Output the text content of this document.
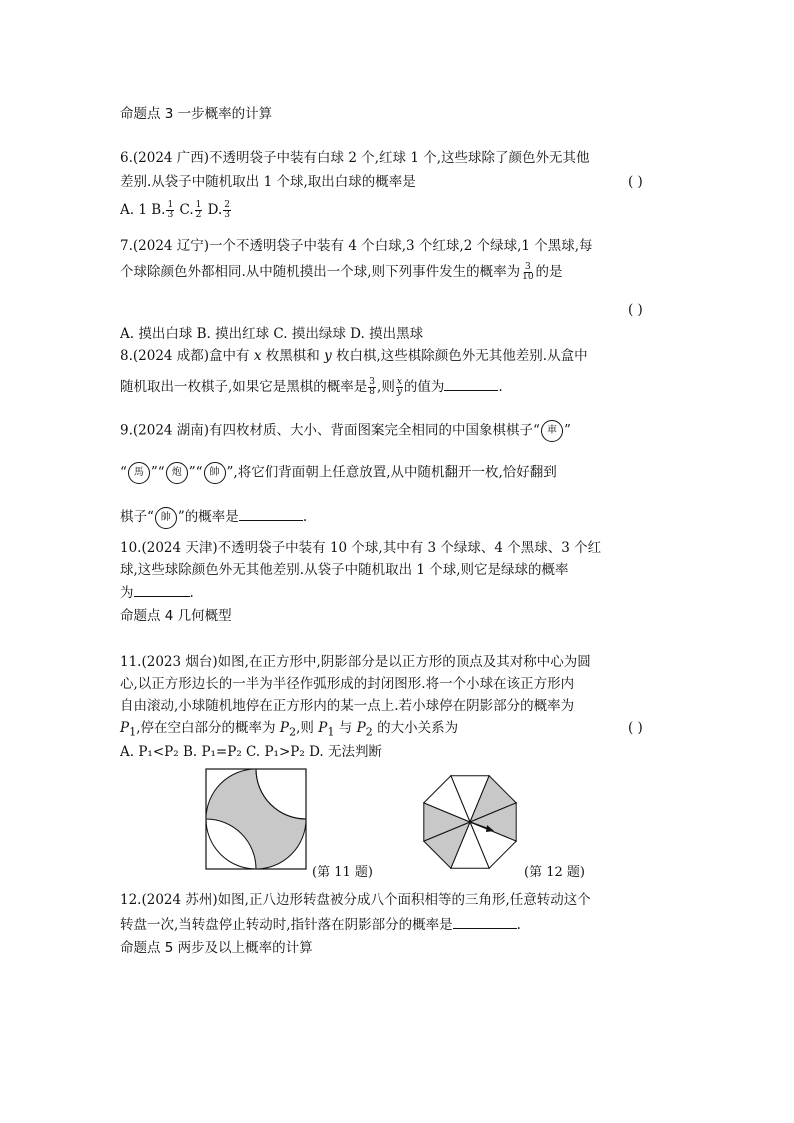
命题点 3 一步概率的计算
6.(2024 广西)不透明袋子中装有白球 2 个,红球 1 个,这些球除了颜色外无其他
差别.从袋子中随机取出 1 个球,取出白球的概率是	( )
A. 1 B. $\frac{1}{3} C$. $\frac{1}{2} D$. $\frac{2}{3}$
7.(2024 辽宁)一个不透明袋子中装有 4 个白球,3 个红球,2 个绿球,1 个黑球,每
个球除颜色外都相同.从中随机摸出一个球,则下列事件发生的概率为 $\frac{3}{10}$ 的是
( )
A. 摸出白球 B. 摸出红球 C. 摸出绿球 D. 摸出黑球
8.(2024 成都)盒中有 x 枚黑棋和 y 枚白棋,这些棋除颜色外无其他差别.从盒中
随机取出一枚棋子,如果它是黑棋的概率是 $\frac{3}{8}$ ,则 $\frac{x}{y}$ 的值为	.
9.(2024 湖南)有四枚材质、大小、背面图案完全相同的中国象棋棋子“ 車 ”
“ 馬 ”“ 炮 ”“ 帥 ”,将它们背面朝上任意放置,从中随机翻开一枚,恰好翻到
棋子“ 帥 ”的概率是	.
10.(2024 天津)不透明袋子中装有 10 个球,其中有 3 个绿球、4 个黑球、3 个红
球,这些球除颜色外无其他差别.从袋子中随机取出 1 个球,则它是绿球的概率
为	.
命题点 4 几何概型
11.(2023 烟台)如图,在正方形中,阴影部分是以正方形的顶点及其对称中心为圆
心,以正方形边长的一半为半径作弧形成的封闭图形.将一个小球在该正方形内
自由滚动,小球随机地停在正方形内的某一点上.若小球停在阴影部分的概率为
$P_1$,停在空白部分的概率为 $P_2$,则 $P_1$ 与 $P_2$ 的大小关系为	( )
A. P₁<P₂ B. P₁=P₂ C. P₁>P₂ D. 无法判断
(第 11 题)	(第 12 题)
12.(2024 苏州)如图,正八边形转盘被分成八个面积相等的三角形,任意转动这个
转盘一次,当转盘停止转动时,指针落在阴影部分的概率是	.
命题点 5 两步及以上概率的计算
